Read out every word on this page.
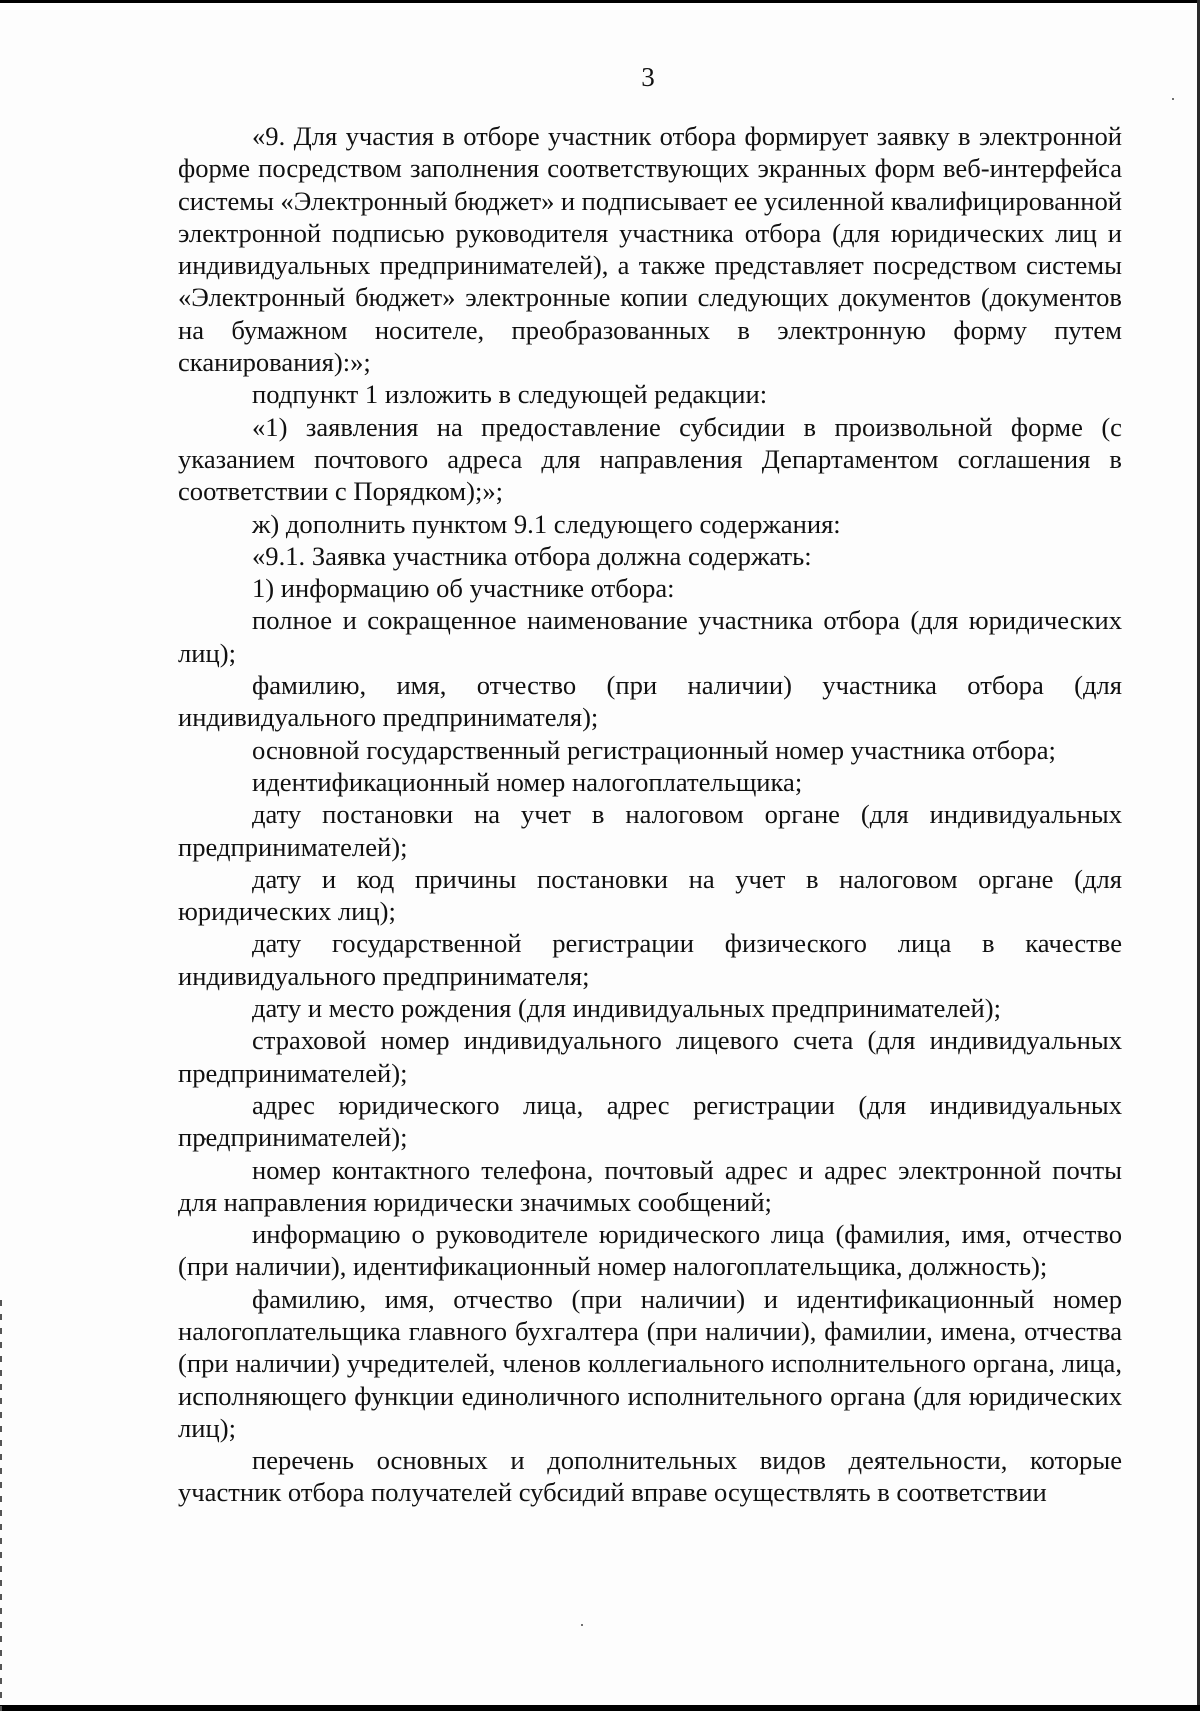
3

«9. Для участия в отборе участник отбора формирует заявку в электронной форме посредством заполнения соответствующих экранных форм веб-интерфейса системы «Электронный бюджет» и подписывает ее усиленной квалифицированной электронной подписью руководителя участника отбора (для юридических лиц и индивидуальных предпринимателей), а также представляет посредством системы «Электронный бюджет» электронные копии следующих документов (документов на бумажном носителе, преобразованных в электронную форму путем сканирования):»;

подпункт 1 изложить в следующей редакции:

«1) заявления на предоставление субсидии в произвольной форме (с указанием почтового адреса для направления Департаментом соглашения в соответствии с Порядком);»;

ж) дополнить пунктом 9.1 следующего содержания:

«9.1. Заявка участника отбора должна содержать:

1) информацию об участнике отбора:

полное и сокращенное наименование участника отбора (для юридических лиц);

фамилию, имя, отчество (при наличии) участника отбора (для индивидуального предпринимателя);

основной государственный регистрационный номер участника отбора;

идентификационный номер налогоплательщика;

дату постановки на учет в налоговом органе (для индивидуальных предпринимателей);

дату и код причины постановки на учет в налоговом органе (для юридических лиц);

дату государственной регистрации физического лица в качестве индивидуального предпринимателя;

дату и место рождения (для индивидуальных предпринимателей);

страховой номер индивидуального лицевого счета (для индивидуальных предпринимателей);

адрес юридического лица, адрес регистрации (для индивидуальных предпринимателей);

номер контактного телефона, почтовый адрес и адрес электронной почты для направления юридически значимых сообщений;

информацию о руководителе юридического лица (фамилия, имя, отчество (при наличии), идентификационный номер налогоплательщика, должность);

фамилию, имя, отчество (при наличии) и идентификационный номер налогоплательщика главного бухгалтера (при наличии), фамилии, имена, отчества (при наличии) учредителей, членов коллегиального исполнительного органа, лица, исполняющего функции единоличного исполнительного органа (для юридических лиц);

перечень основных и дополнительных видов деятельности, которые участник отбора получателей субсидий вправе осуществлять в соответствии
